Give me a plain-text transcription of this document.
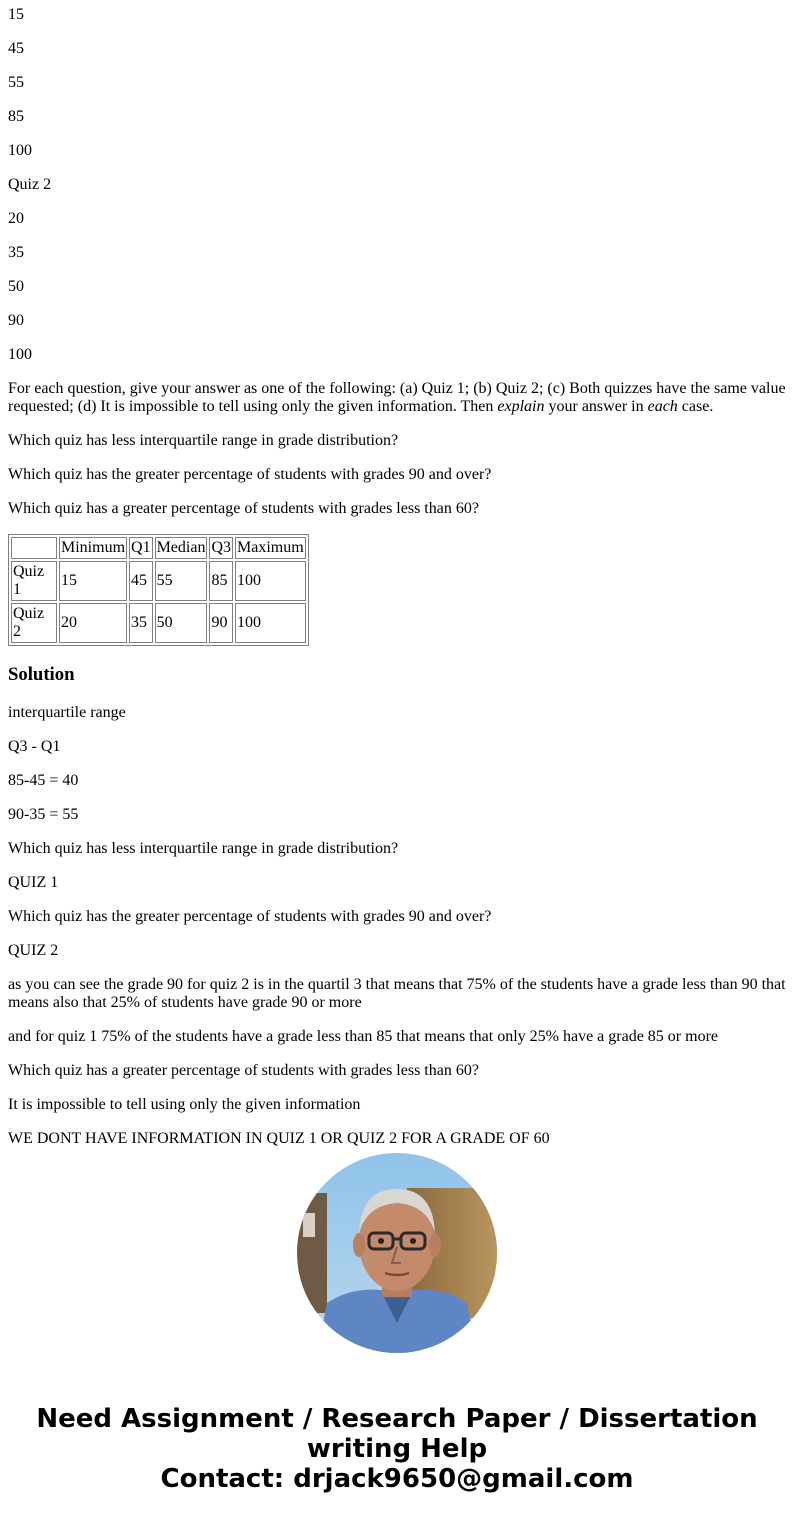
15

45

55

85

100

Quiz 2

20

35

50

90

100

For each question, give your answer as one of the following: (a) Quiz 1; (b) Quiz 2; (c) Both quizzes have the same value requested; (d) It is impossible to tell using only the given information. Then explain your answer in each case.

Which quiz has less interquartile range in grade distribution?

Which quiz has the greater percentage of students with grades 90 and over?

Which quiz has a greater percentage of students with grades less than 60?

	Minimum	Q1	Median	Q3	Maximum
Quiz 1	15	45	55	85	100
Quiz 2	20	35	50	90	100
Solution

interquartile range

Q3 - Q1

85-45 = 40

90-35 = 55

Which quiz has less interquartile range in grade distribution?

QUIZ 1

Which quiz has the greater percentage of students with grades 90 and over?

QUIZ 2

as you can see the grade 90 for quiz 2 is in the quartil 3 that means that 75% of the students have a grade less than 90 that means also that 25% of students have grade 90 or more

and for quiz 1 75% of the students have a grade less than 85 that means that only 25% have a grade 85 or more

Which quiz has a greater percentage of students with grades less than 60?

It is impossible to tell using only the given information

WE DONT HAVE INFORMATION IN QUIZ 1 OR QUIZ 2 FOR A GRADE OF 60

Need Assignment / Research Paper / Dissertation
writing Help
Contact: drjack9650@gmail.com
